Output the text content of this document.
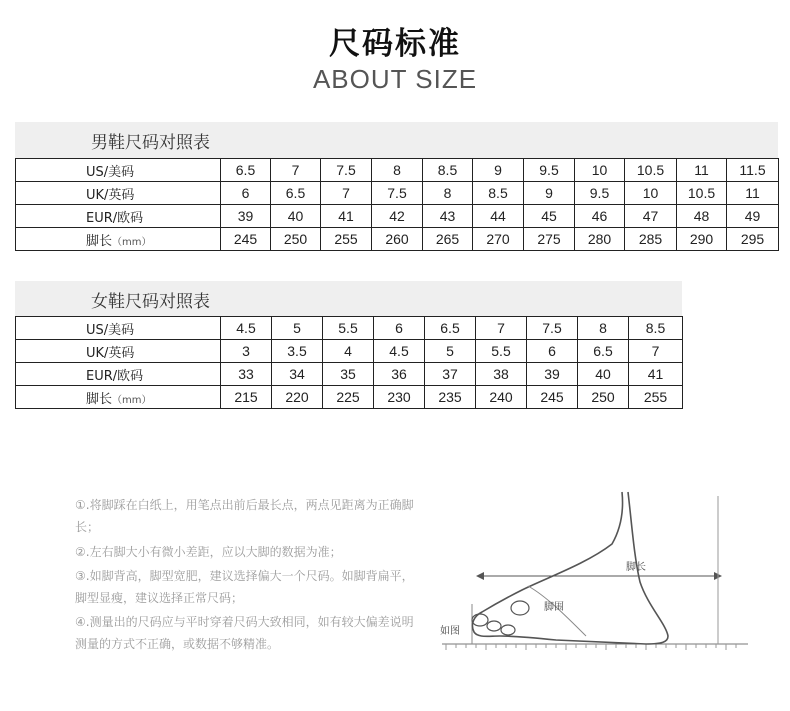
尺码标准
ABOUT SIZE
男鞋尺码对照表
US/美码	6.5	7	7.5	8	8.5	9	9.5	10	10.5	11	11.5
UK/英码	6	6.5	7	7.5	8	8.5	9	9.5	10	10.5	11
EUR/欧码	39	40	41	42	43	44	45	46	47	48	49
脚长（mm）	245	250	255	260	265	270	275	280	285	290	295
女鞋尺码对照表
US/美码	4.5	5	5.5	6	6.5	7	7.5	8	8.5
UK/英码	3	3.5	4	4.5	5	5.5	6	6.5	7
EUR/欧码	33	34	35	36	37	38	39	40	41
脚长（mm）	215	220	225	230	235	240	245	250	255
①.将脚踩在白纸上，用笔点出前后最长点，两点见距离为正确脚长；
②.左右脚大小有微小差距，应以大脚的数据为准；
③.如脚背高，脚型宽肥，建议选择偏大一个尺码。如脚背扁平，脚型显瘦，建议选择正常尺码；
④.测量出的尺码应与平时穿着尺码大致相同，如有较大偏差说明测量的方式不正确，或数据不够精准。
脚长
脚围
如图
